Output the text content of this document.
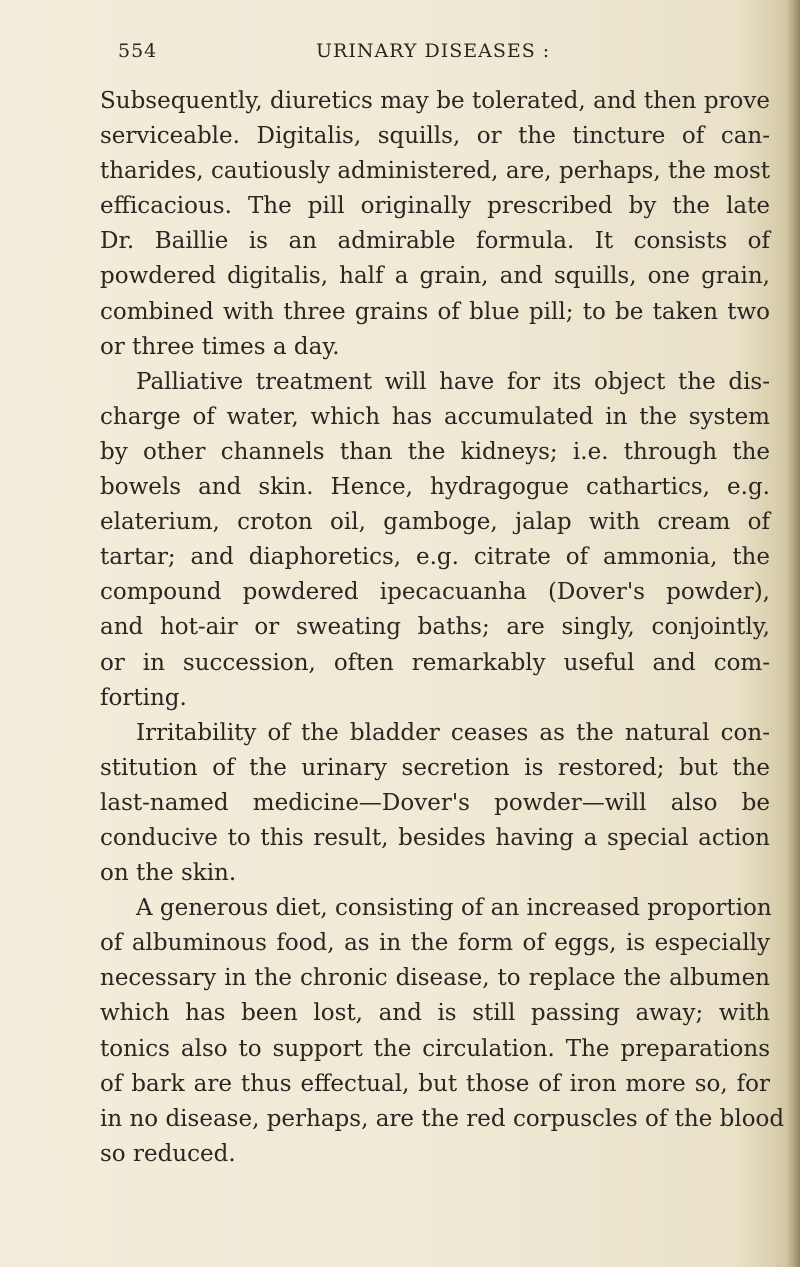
554	URINARY DISEASES :
Subsequently, diuretics may be tolerated, and then prove
serviceable. Digitalis, squills, or the tincture of can-
tharides, cautiously administered, are, perhaps, the most
efficacious. The pill originally prescribed by the late
Dr. Baillie is an admirable formula. It consists of
powdered digitalis, half a grain, and squills, one grain,
combined with three grains of blue pill; to be taken two
or three times a day.
Palliative treatment will have for its object the dis-
charge of water, which has accumulated in the system
by other channels than the kidneys; i.e. through the
bowels and skin. Hence, hydragogue cathartics, e.g.
elaterium, croton oil, gamboge, jalap with cream of
tartar; and diaphoretics, e.g. citrate of ammonia, the
compound powdered ipecacuanha (Dover's powder),
and hot-air or sweating baths; are singly, conjointly,
or in succession, often remarkably useful and com-
forting.
Irritability of the bladder ceases as the natural con-
stitution of the urinary secretion is restored; but the
last-named medicine—Dover's powder—will also be
conducive to this result, besides having a special action
on the skin.
A generous diet, consisting of an increased proportion
of albuminous food, as in the form of eggs, is especially
necessary in the chronic disease, to replace the albumen
which has been lost, and is still passing away; with
tonics also to support the circulation. The preparations
of bark are thus effectual, but those of iron more so, for
in no disease, perhaps, are the red corpuscles of the blood
so reduced.
